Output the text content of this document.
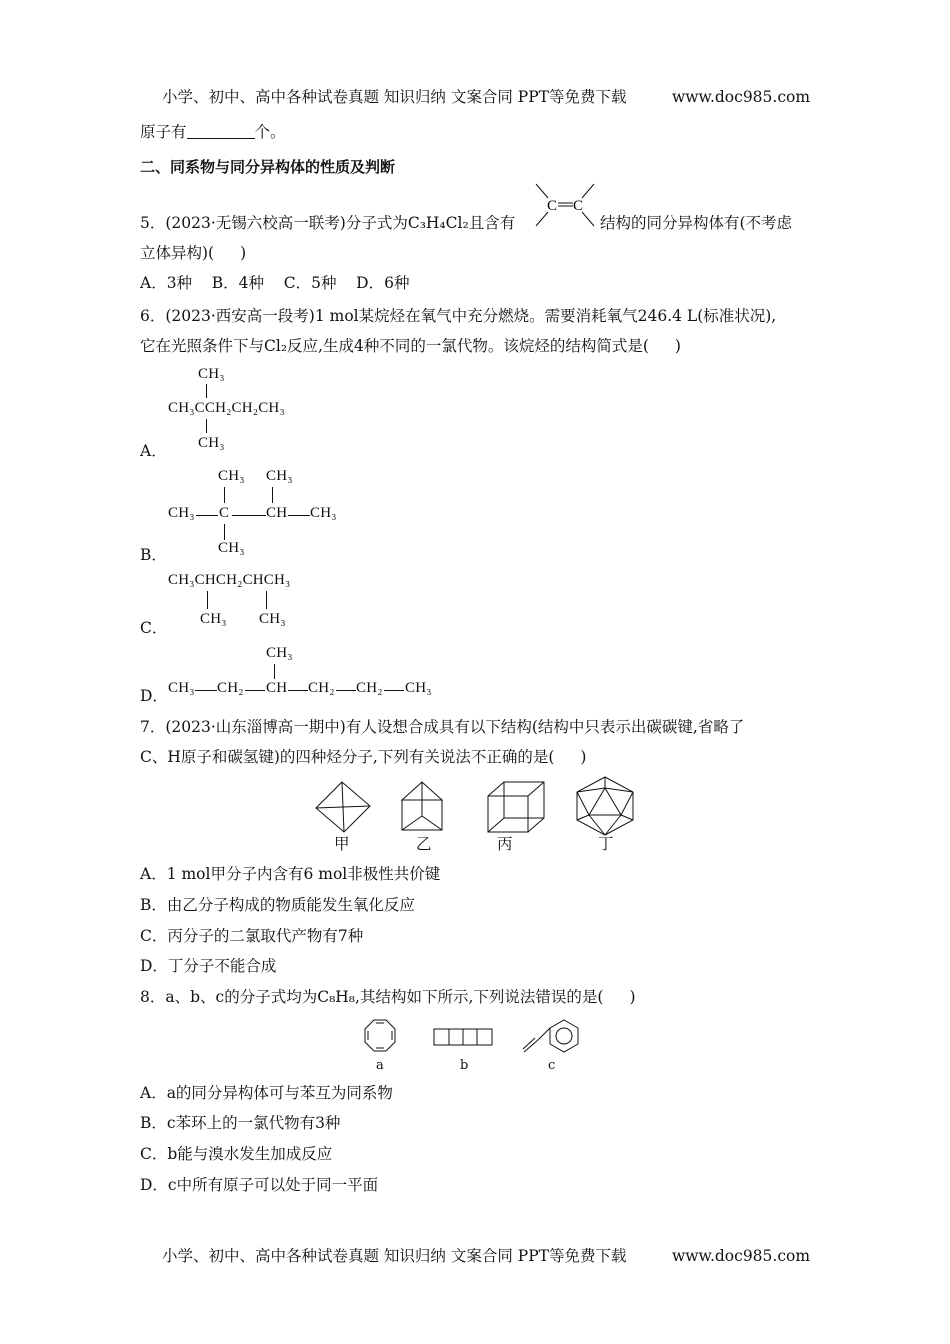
小学、初中、高中各种试卷真题 知识归纳 文案合同 PPT等免费下载	www.doc985.com
原子有	个。
二、同系物与同分异构体的性质及判断
5．(2023·无锡六校高一联考)分子式为C₃H₄Cl₂且含有
C C
结构的同分异构体有(不考虑
立体异构)( )
A．3种    B．4种    C．5种    D．6种
6．(2023·西安高一段考)1 mol某烷烃在氧气中充分燃烧。需要消耗氧气246.4 L(标准状况),
它在光照条件下与Cl₂反应,生成4种不同的一氯代物。该烷烃的结构简式是( )
A．
CH₃
CH₃CCH₂CH₂CH₃
CH₃
B．
CH₃ CH₃
CH₃ C CH CH₃
CH₃
CH₃CHCH₂CHCH₃
C． CH₃ CH₃
CH₃
D． CH₃ CH₂ CH CH₂ CH₂ CH₃
7．(2023·山东淄博高一期中)有人设想合成具有以下结构(结构中只表示出碳碳键,省略了
C、H原子和碳氢键)的四种烃分子,下列有关说法不正确的是( )
甲	乙	丙	丁
A．1 mol甲分子内含有6 mol非极性共价键
B．由乙分子构成的物质能发生氧化反应
C．丙分子的二氯取代产物有7种
D．丁分子不能合成
8．a、b、c的分子式均为C₈H₈,其结构如下所示,下列说法错误的是( )
a	b	c
A．a的同分异构体可与苯互为同系物
B．c苯环上的一氯代物有3种
C．b能与溴水发生加成反应
D．c中所有原子可以处于同一平面
小学、初中、高中各种试卷真题 知识归纳 文案合同 PPT等免费下载	www.doc985.com
